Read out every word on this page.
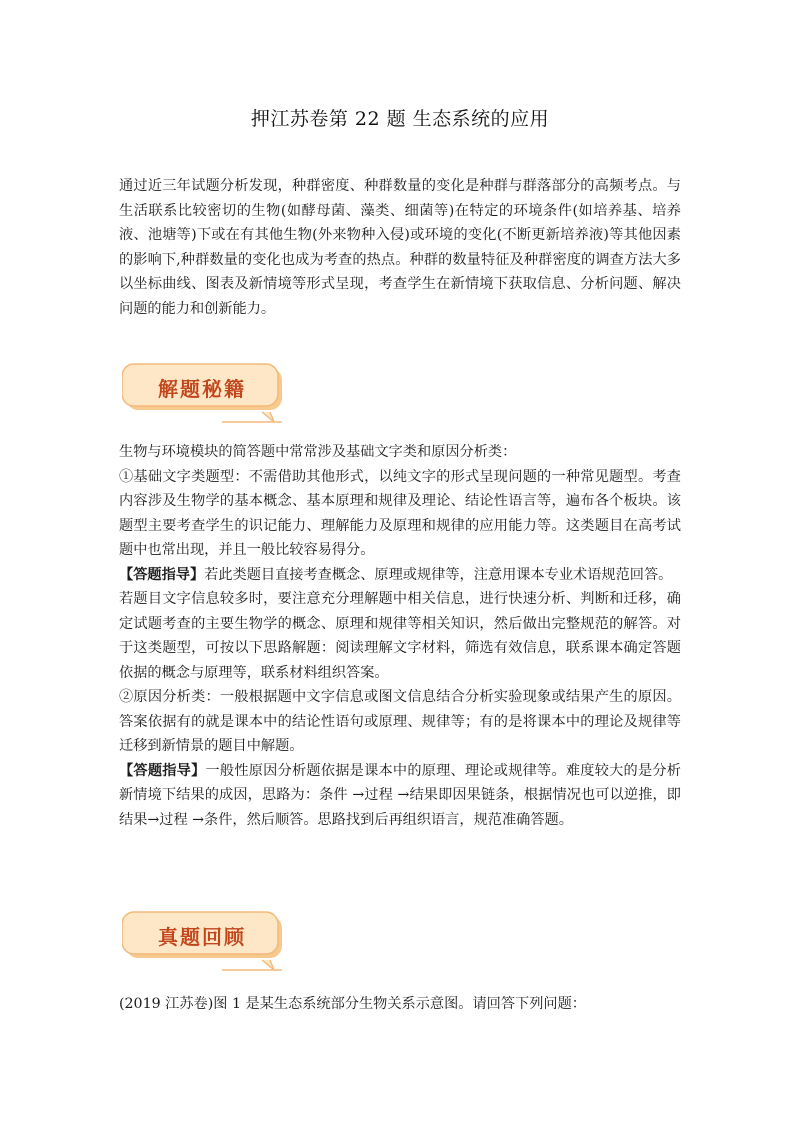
押江苏卷第 22 题 生态系统的应用

通过近三年试题分析发现，种群密度、种群数量的变化是种群与群落部分的高频考点。与生活联系比较密切的生物(如酵母菌、藻类、细菌等)在特定的环境条件(如培养基、培养液、池塘等)下或在有其他生物(外来物种入侵)或环境的变化(不断更新培养液)等其他因素的影响下,种群数量的变化也成为考查的热点。种群的数量特征及种群密度的调查方法大多以坐标曲线、图表及新情境等形式呈现，考查学生在新情境下获取信息、分析问题、解决问题的能力和创新能力。

解题秘籍

生物与环境模块的简答题中常常涉及基础文字类和原因分析类：

①基础文字类题型：不需借助其他形式，以纯文字的形式呈现问题的一种常见题型。考查内容涉及生物学的基本概念、基本原理和规律及理论、结论性语言等，遍布各个板块。该题型主要考查学生的识记能力、理解能力及原理和规律的应用能力等。这类题目在高考试题中也常出现，并且一般比较容易得分。

【答题指导】若此类题目直接考查概念、原理或规律等，注意用课本专业术语规范回答。

若题目文字信息较多时，要注意充分理解题中相关信息，进行快速分析、判断和迁移，确定试题考查的主要生物学的概念、原理和规律等相关知识，然后做出完整规范的解答。对于这类题型，可按以下思路解题：阅读理解文字材料，筛选有效信息，联系课本确定答题依据的概念与原理等，联系材料组织答案。

②原因分析类：一般根据题中文字信息或图文信息结合分析实验现象或结果产生的原因。答案依据有的就是课本中的结论性语句或原理、规律等；有的是将课本中的理论及规律等迁移到新情景的题目中解题。

【答题指导】一般性原因分析题依据是课本中的原理、理论或规律等。难度较大的是分析新情境下结果的成因，思路为：条件 →过程 →结果即因果链条，根据情况也可以逆推，即结果→过程 →条件，然后顺答。思路找到后再组织语言，规范准确答题。

真题回顾

(2019 江苏卷)图 1 是某生态系统部分生物关系示意图。请回答下列问题：
